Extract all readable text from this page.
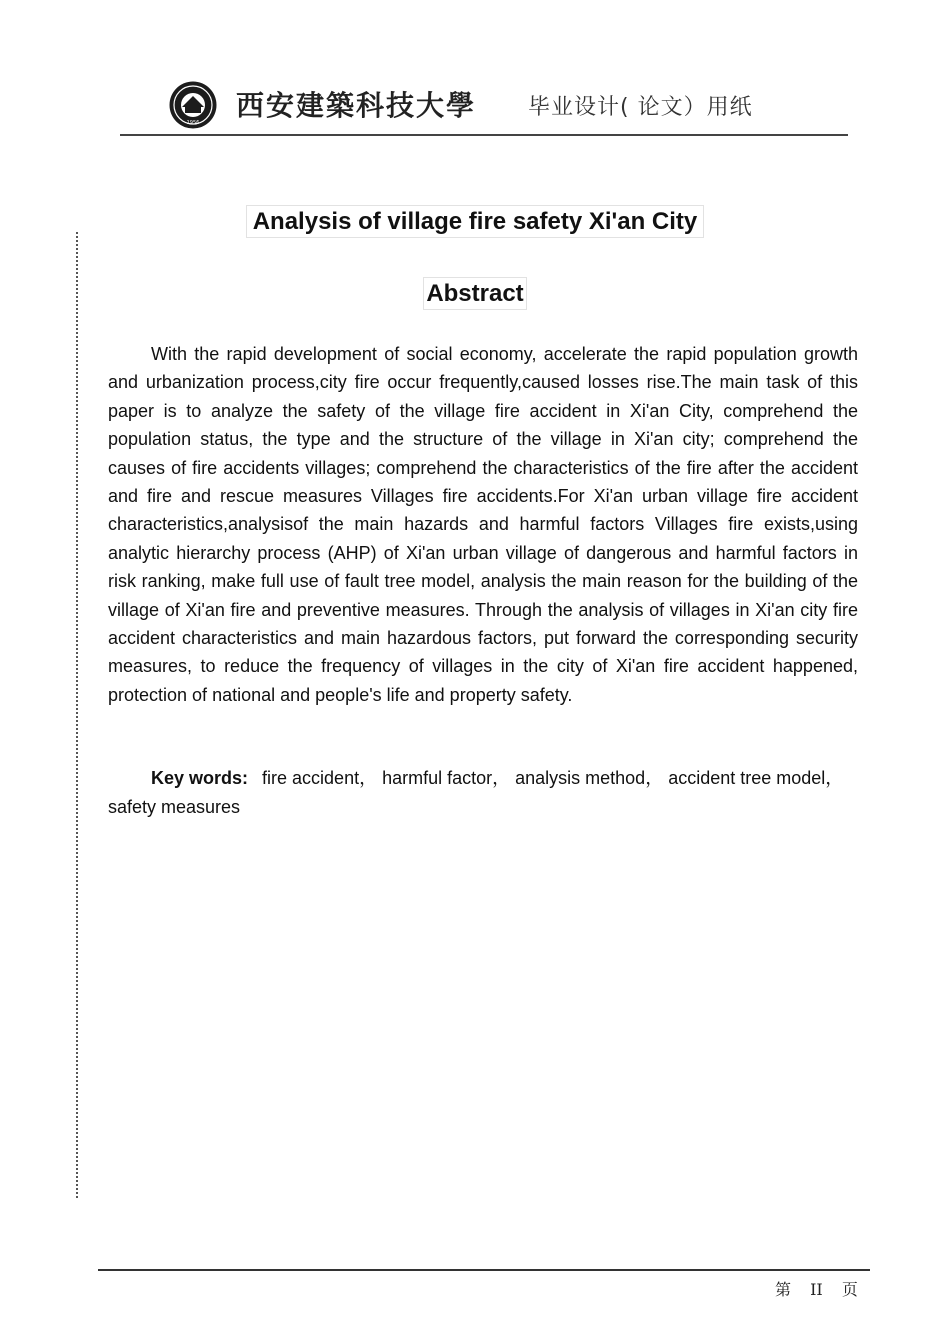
1956
西安建築科技大學 毕业设计( 论文）用纸
Analysis of village fire safety Xi'an City
Abstract

With the rapid development of social economy, accelerate the rapid population growth and urbanization process,city fire occur frequently,caused losses rise.The main task of this paper is to analyze the safety of the village fire accident in Xi'an City, comprehend the population status, the type and the structure of the village in Xi'an city; comprehend the causes of fire accidents villages; comprehend the characteristics of the fire after the accident and fire and rescue measures Villages fire accidents.For Xi'an urban village fire accident characteristics,analysisof the main hazards and harmful factors Villages fire exists,using analytic hierarchy process (AHP) of Xi'an urban village of dangerous and harmful factors in risk ranking, make full use of fault tree model, analysis the main reason for the building of the village of Xi'an fire and preventive measures. Through the analysis of villages in Xi'an city fire accident characteristics and main hazardous factors, put forward the corresponding security measures, to reduce the frequency of villages in the city of Xi'an fire accident happened, protection of national and people's life and property safety.

Key words: fire accident， harmful factor， analysis method， accident tree model， safety measures

第 II 页
